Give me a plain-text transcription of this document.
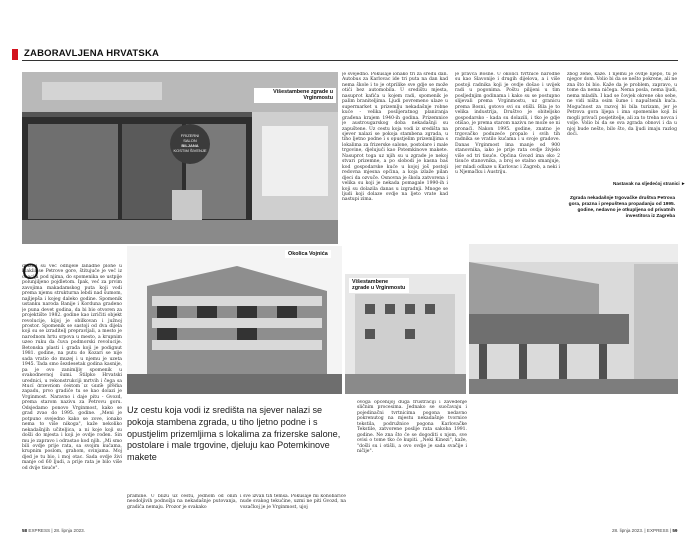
ZABORAVLJENA HRVATSKA
FRIZERNI
SALON
BILJANA
KOSTIM ŠIVENJE
Višestambene zgrade u Vrginmostu
Okolica Vojnića
Višestambene zgrade u Vrginmostu
Zgrada nekadašnje trgovačke društva Petrova gora, prazna i prepuštena propadanju od 1995. godine, nedavno je otkupljena od privatnih investitora iz Zagreba
O

dlaznu su već odnijele lanadne plohe u blaklirise Petrove gore, štitujuće je već iz obacija pod njima, do spomenika se ustpije polunjiljeno pojdletom. Ipak, već za prvim zavojima makadamskog puta koji vodi prema njemu strukturna lebdi nad šumom, najljepša i kojeg daleko godine. Spomenik ustanku naroda Banije i Korduna gradeno je puna devet godina, da bi bio otvoren za projektište 1982. godine kao izričiti objekt revolucije, kijoj je obilkovan i južnoj prostor. Spomenik se sastoji od dva dijela koji su se izraditelj prepravljali, a mesto je narodnom hrtu srpova u mesto, a krupnim uzeo ruku da čuva podmorski revolucije. Betonska plasti i građa koji je podignut 1981. godine, na putu do Kozari se nije sada vratio do muzej i u njemu je uzeta 1945. Tada smo šezdesetak godina kasnije, pa je ovo zanimljiv spomenik u svakodnevnoj šumi. Štilpko Hrvatski urednici, u rekonstrukciji mrtvih i čega sa

Muci drževnom cestom iz Glinе prema zapadu, prvo gradiće tu se kao dolazi je Vrginmost. Naravno i daje pitu - Gvozd, prema starom nazivu za Petrovu goru. Odsjedamo ponovo Vrginmost, kako se grad zvao do 1995. godine. „Meni je potpuno svejedno kako se zove, ionako nema to više nikoga", kaže nekoliko nekadašnjih učiteljica, a ni koje koji su došli do mjesta i koji je ovdje rođen. Sin mu je zapravo i odrastao kod njih. „Mi smo bili ovdje prije rata, sa svojim kućama, krupnim poslom, grahom, svinjama. Moj djed je tu bio, i moj otac. Sada ovdje živi manje od 60 ljudi, a prije rata je bilo više od dvije tisuće".

je svejedno. Pokušaje ionako tri za sredu dan. Autobus za Karlovac ide tri puta na dan kad nema škole i to je otprilike sve gdje se može otići bez automobila. U središtu mjesta, nasuprot kafića u kojem radi, spomenik je palim braniteljima. Ljudi povremeno ulaze u supermarket u prizemlju nekadašnje robne kuće - velika poslijeratnog planiranja građena krajem 1940-ih godina. Prizemnice je austrougarskog doba nekadašnji su zapuštene. Uz cestu koja vodi iz središta na sjever nalazi se pokoja stambena zgrada, u tiho ljetno podne i s opustjelim prizemljima s lokalima za frizerske salone, postolare i male trgovine, djelujući kao Potemkinove makete. Nasuprot toga uz njih su u zgrade je nekoj stvari prizemne, a po slobodi je kasna baš kod gospodarske kuće u kojoj još postoji redovna mjesna općina, a koja izlaže pilan djeci da ozvuče. Osnovna je škola zatvorena i velika su koji je nekada pomagale 1990-ih i koji su dolazila danas u izgradnji. Mnoge se ljudi koji dolaze ovdje na ljeto vrate kad nastupi zima.

je pravca Bosne. U okolici tvrtnice narodne su kao Slavonije i drugih dijelova, a i više postoji radnika koji je ovdje došao i uvijek radi u pogonima. Poštu pilijeni u tim posljednjim godinama i kako su se postupno slijevali prema Vrginmostu, uz granicu prema Bosni, gotovo svi su otišli. Bila je to velika industrija, Društvo je obiteljsko gospodarsko - kada su dolazili, i tko je gdje otišao, je prema starom nazivu ne može se ni pronaći. Nakon 1995. godine, znatno je trgovačko poduzeće propalo i svih tih radnika se vratilo kućama i u svoje gradove. Danas Vrginmost ima manje od 900 stanovnika, iako je prije rata ovdje živjelo više od tri tisuće. Općina Gvozd ima oko 2 tisuće stanovnika, a broj se stalno smanjuje, jer mladi odlaze u Karlovac i Zagreb, a neki i u Njemačku i Austriju.

zbog žene, kaže. I njemu je ovdje lijepo, tu je njegov dom. Volio bi da se nešto pokrene, ali ne zna što bi bio. Kaže da je problem, zapravo, u tome da nema ničega. Nema posla, nema ljudi, nema mladih. I kad se čovjek okrene oko sebe, ne vidi ništa osim šume i napuštenih kuća. Mogućnost za razvoj bi bila turizam, jer je Petrova gora lijepa i ima spomenike koji bi mogli privući posjetitelje, ali za to treba novca i volje. Volio bi da se ova zgrada obnovi i da u njoj bude nešto, bilo što, da ljudi imaju razlog doći.

Nastavak na sljedećoj stranici ►
Uz cestu koja vodi iz središta na sjever nalazi se pokoja stambena zgrada, u tiho ljetno podne i s opustjelim prizemljima s lokalima za frizerske salone, postolare i male trgovine, djeluju kao Potemkinove makete

pramine. U blizu uz cestu, jednom od onih neodoljivih podnožja na nekadašnje putovanja, gradića nemaju. Prozor je svakako

i sve izvan tih temsa. Pokušaje mi konobarice nude svakog tekućine, uzmi ne piti Gvozd, na vozačkoj je je Vrginmost, ujoj

ovoga općenijoj duga frustraciji i zavedenje sličnim procesima. Jednako se suočavaju i pojedinačni tvrtnicima pogona nedavno pokrenutog na mjestu nekadašnje tvornice tekstila, podružnice pogona Karlovačke Tekstile, zatvorene poslije rata sakoba 1991. godine. Ne zna što će se dogoditi s njom, sve ovisi o tome tko će kupiti. „Neki Kinezi", kaže, "došli su i otišli, a ovo ovdje je sada svačije i ničije".

58 EXPRESS | 28. lipnja 2023.	28. lipnja 2023. | EXPRESS | 59
